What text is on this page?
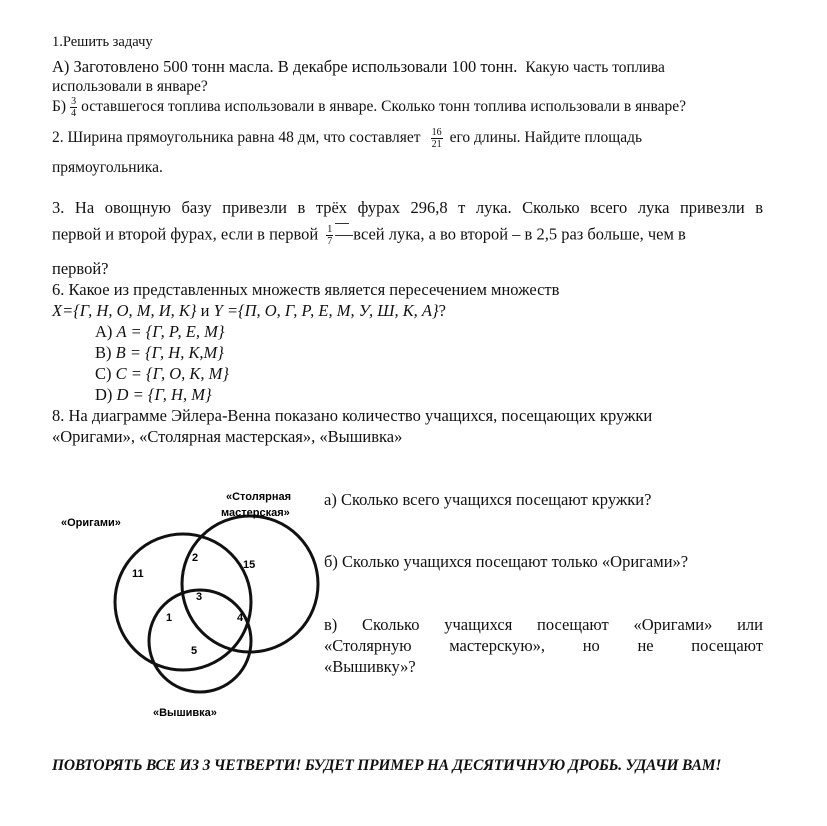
1.Решить задачу
А) Заготовлено 500 тонн масла. В декабре использовали 100 тонн. Какую часть топлива
использовали в январе?
$Б) \frac{3}{4}$ оставшегося топлива использовали в январе. Сколько тонн топлива использовали в январе?
2. Ширина прямоугольника равна 48 дм, что составляет $\frac{16}{21}$ его длины. Найдите площадь
прямоугольника.
3. На овощную базу привезли в трёх фурах 296,8 т лука. Сколько всего лука привезли в
первой и второй фурах, если в первой $\frac{1}{7}$ всей лука, а во второй – в 2,5 раз больше, чем в
первой?
6. Какое из представленных множеств является пересечением множеств
X={Г, Н, О, М, И, К} и Y ={П, О, Г, Р, Е, М, У, Ш, К, А}?
А) A = {Г, Р, Е, М}
В) B = {Г, Н, К,М}
С) C = {Г, О, К, М}
D) D = {Г, Н, М}
8. На диаграмме Эйлера-Венна показано количество учащихся, посещающих кружки
«Оригами», «Столярная мастерская», «Вышивка»
«Оригами»
«Столярная
мастерская»
«Вышивка»
11
15
5
2
1	4
3
а) Сколько всего учащихся посещают кружки?
б) Сколько учащихся посещают только «Оригами»?
в) Сколько учащихся посещают «Оригами» или
«Столярную мастерскую», но не посещают
«Вышивку»?
ПОВТОРЯТЬ ВСЕ ИЗ 3 ЧЕТВЕРТИ! БУДЕТ ПРИМЕР НА ДЕСЯТИЧНУЮ ДРОБЬ. УДАЧИ ВАМ!
